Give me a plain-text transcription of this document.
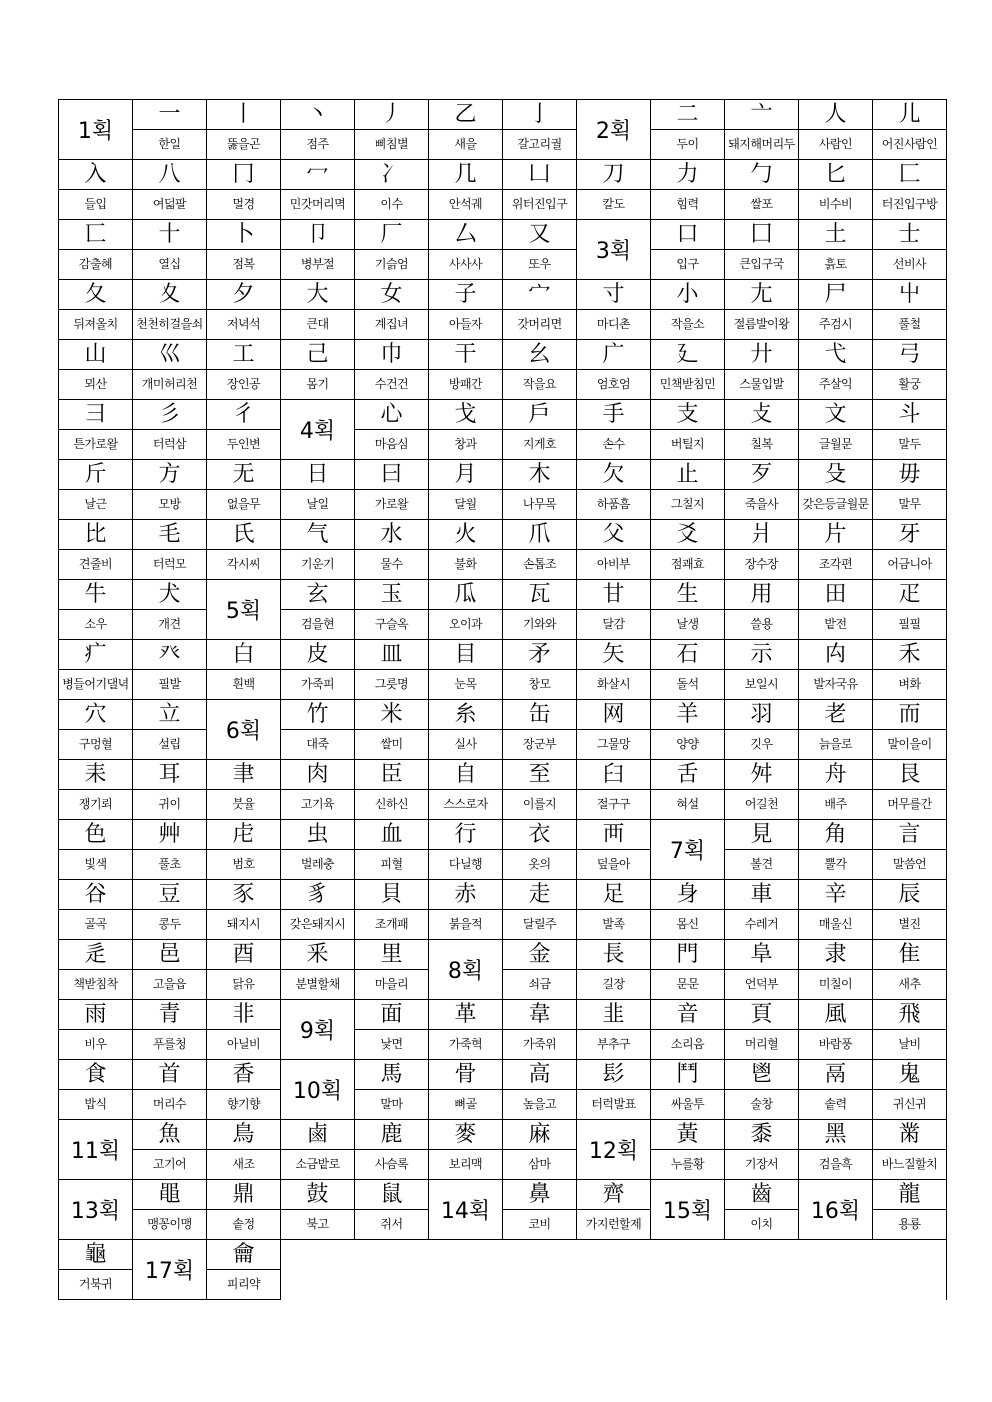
1획	一	丨	丶	丿	乙	亅	2획	二	亠	人	儿
	한일	뚫을곤	점주	삐침별	새을	갈고리궐		두이	돼지해머리두	사람인	어진사람인
入	八	冂	冖	冫	几	凵	刀	力	勹	匕	匚
들입	여덟팔	멀경	민갓머리멱	이수	안석궤	위터진입구	칼도	힘력	쌀포	비수비	터진입구방
匸	十	卜	卩	厂	厶	又	3획	口	囗	土	士
감출혜	열십	점복	병부절	기슭엄	사사사	또우		입구	큰입구국	흙토	선비사
夂	夊	夕	大	女	子	宀	寸	小	尢	尸	屮
뒤져올치	천천히걸을쇠	저녁석	큰대	계집녀	아들자	갓머리면	마디촌	작을소	절름발이왕	주검시	풀철
山	巛	工	己	巾	干	幺	广	廴	廾	弋	弓
뫼산	개미허리천	장인공	몸기	수건건	방패간	작을요	엄호엄	민책받침민	스물입발	주살익	활궁
彐	彡	彳	4획	心	戈	戶	手	支	攴	文	斗
튼가로왈	터럭삼	두인변		마음심	창과	지게호	손수	버틸지	칠복	글월문	말두
斤	方	无	日	曰	月	木	欠	止	歹	殳	毋
날근	모방	없을무	날일	가로왈	달월	나무목	하품흠	그칠지	죽을사	갖은등글월문	말무
比	毛	氏	气	水	火	爪	父	爻	爿	片	牙
견줄비	터럭모	각시씨	기운기	물수	불화	손톱조	아비부	점괘효	장수장	조각편	어금니아
牛	犬	5획	玄	玉	瓜	瓦	甘	生	用	田	疋
소우	개견		검을현	구슬옥	오이과	기와와	달감	날생	쓸용	밭전	필필
疒	癶	白	皮	皿	目	矛	矢	石	示	禸	禾
병들어기댈녁	필발	흰백	가죽피	그릇명	눈목	창모	화살시	돌석	보일시	발자국유	벼화
穴	立	6획	竹	米	糸	缶	网	羊	羽	老	而
구멍혈	설립		대죽	쌀미	실사	장군부	그물망	양양	깃우	늙을로	말이을이
耒	耳	聿	肉	臣	自	至	臼	舌	舛	舟	艮
쟁기뢰	귀이	붓율	고기육	신하신	스스로자	이를지	절구구	혀설	어길천	배주	머무를간
色	艸	虍	虫	血	行	衣	襾	7획	見	角	言
빛색	풀초	범호	벌레충	피혈	다닐행	옷의	덮을아		볼견	뿔각	말씀언
谷	豆	豕	豸	貝	赤	走	足	身	車	辛	辰
골곡	콩두	돼지시	갖은돼지시	조개패	붉을적	달릴주	발족	몸신	수레거	매울신	별진
辵	邑	酉	釆	里	8획	金	長	門	阜	隶	隹
책받침착	고을읍	닭유	분별할채	마을리		쇠금	길장	문문	언덕부	미칠이	새추
雨	青	非	9획	面	革	韋	韭	音	頁	風	飛
비우	푸를청	아닐비		낯면	가죽혁	가죽위	부추구	소리음	머리혈	바람풍	날비
食	首	香	10획	馬	骨	高	髟	鬥	鬯	鬲	鬼
밥식	머리수	향기향		말마	뼈골	높을고	터럭발표	싸울투	술창	솥력	귀신귀
11획	魚	鳥	鹵	鹿	麥	麻	12획	黃	黍	黑	黹
	고기어	새조	소금밭로	사슴록	보리맥	삼마		누를황	기장서	검을흑	바느질할치
13획	黽	鼎	鼓	鼠	14획	鼻	齊	15획	齒	16획	龍
	맹꽁이맹	솥정	북고	쥐서		코비	가지런할제		이치		용룡
龜	17획	龠									
거북귀		피리약									
